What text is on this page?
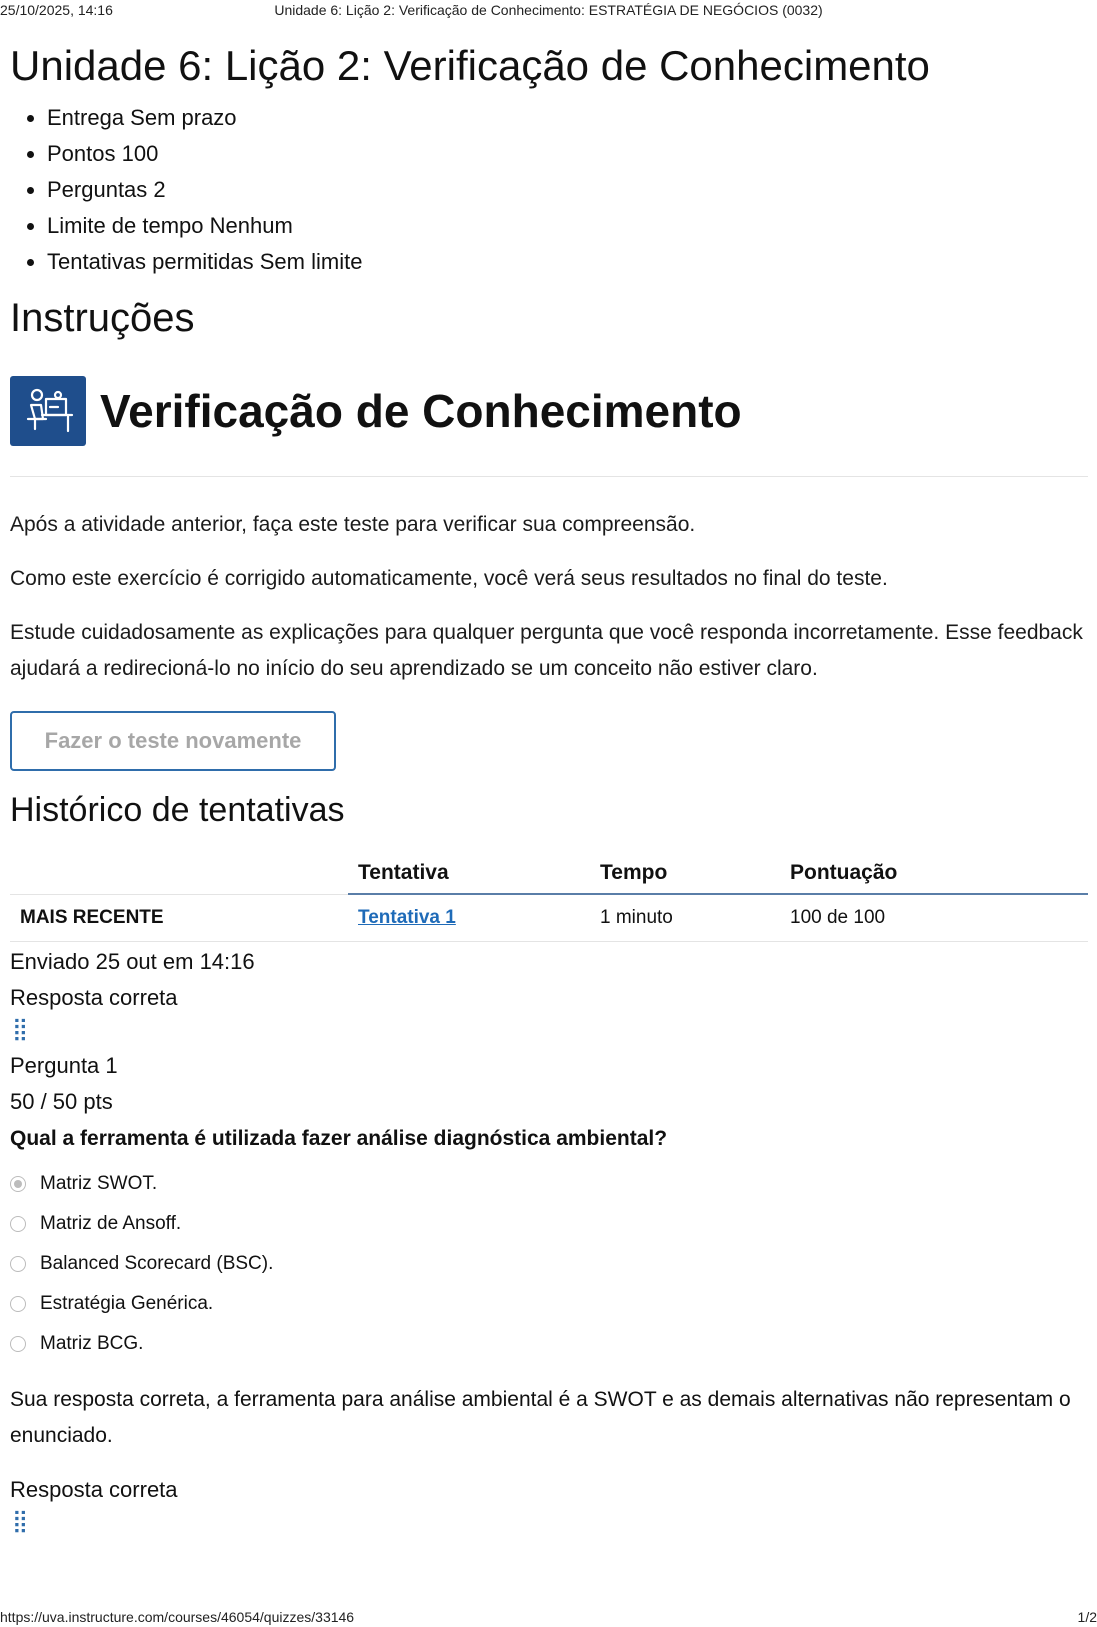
25/10/2025, 14:16	Unidade 6: Lição 2: Verificação de Conhecimento: ESTRATÉGIA DE NEGÓCIOS (0032)
Unidade 6: Lição 2: Verificação de Conhecimento
• Entrega Sem prazo
• Pontos 100
• Perguntas 2
• Limite de tempo Nenhum
• Tentativas permitidas Sem limite
Instruções
Verificação de Conhecimento

Após a atividade anterior, faça este teste para verificar sua compreensão.

Como este exercício é corrigido automaticamente, você verá seus resultados no final do teste.

Estude cuidadosamente as explicações para qualquer pergunta que você responda incorretamente. Esse feedback ajudará a redirecioná-lo no início do seu aprendizado se um conceito não estiver claro.

Fazer o teste novamente
Histórico de tentativas
	Tentativa	Tempo	Pontuação
MAIS RECENTE	Tentativa 1	1 minuto	100 de 100
Enviado 25 out em 14:16
Resposta correta
⣿
Pergunta 1
50 / 50 pts
Qual a ferramenta é utilizada fazer análise diagnóstica ambiental?
Matriz SWOT.
Matriz de Ansoff.
Balanced Scorecard (BSC).
Estratégia Genérica.
Matriz BCG.
Sua resposta correta, a ferramenta para análise ambiental é a SWOT e as demais alternativas não representam o enunciado.
Resposta correta
⣿
https://uva.instructure.com/courses/46054/quizzes/33146	1/2
